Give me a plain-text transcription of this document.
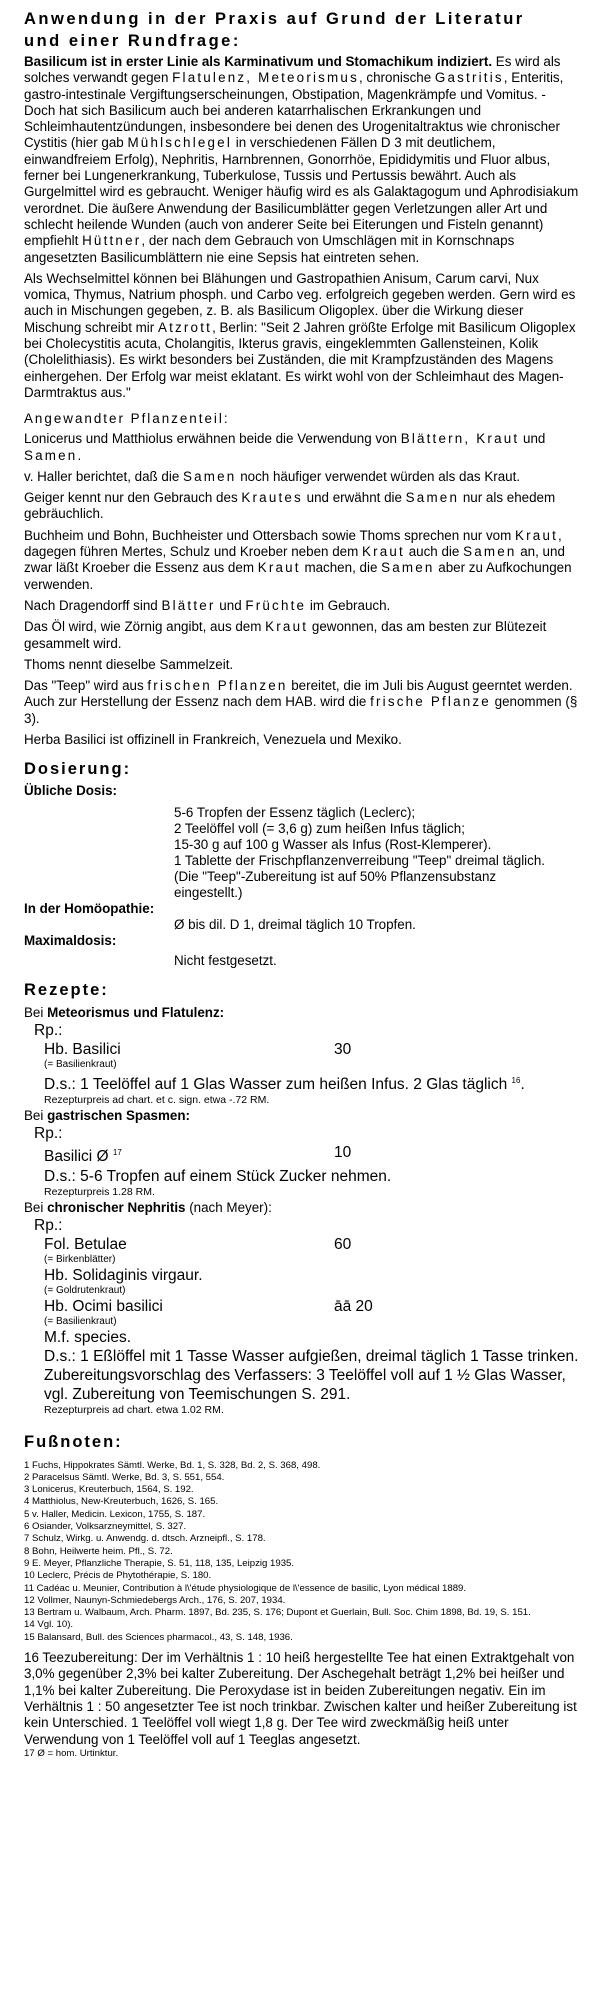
Anwendung in der Praxis auf Grund der Literatur
und einer Rundfrage:

Basilicum ist in erster Linie als Karminativum und Stomachikum indiziert. Es wird als solches verwandt gegen Flatulenz, Meteorismus, chronische Gastritis, Enteritis, gastro-intestinale Vergiftungserscheinungen, Obstipation, Magenkrämpfe und Vomitus. - Doch hat sich Basilicum auch bei anderen katarrhalischen Erkrankungen und Schleimhautentzündungen, insbesondere bei denen des Urogenitaltraktus wie chronischer Cystitis (hier gab Mühlschlegel in verschiedenen Fällen D 3 mit deutlichem, einwandfreiem Erfolg), Nephritis, Harnbrennen, Gonorrhöe, Epididymitis und Fluor albus, ferner bei Lungenerkrankung, Tuberkulose, Tussis und Pertussis bewährt. Auch als Gurgelmittel wird es gebraucht. Weniger häufig wird es als Galaktagogum und Aphrodisiakum verordnet. Die äußere Anwendung der Basilicumblätter gegen Verletzungen aller Art und schlecht heilende Wunden (auch von anderer Seite bei Eiterungen und Fisteln genannt) empfiehlt Hüttner, der nach dem Gebrauch von Umschlägen mit in Kornschnaps angesetzten Basilicumblättern nie eine Sepsis hat eintreten sehen.

Als Wechselmittel können bei Blähungen und Gastropathien Anisum, Carum carvi, Nux vomica, Thymus, Natrium phosph. und Carbo veg. erfolgreich gegeben werden. Gern wird es auch in Mischungen gegeben, z. B. als Basilicum Oligoplex. über die Wirkung dieser Mischung schreibt mir Atzrott, Berlin: "Seit 2 Jahren größte Erfolge mit Basilicum Oligoplex bei Cholecystitis acuta, Cholangitis, Ikterus gravis, eingeklemmten Gallensteinen, Kolik (Cholelithiasis). Es wirkt besonders bei Zuständen, die mit Krampfzuständen des Magens einhergehen. Der Erfolg war meist eklatant. Es wirkt wohl von der Schleimhaut des Magen-Darmtraktus aus."

Angewandter Pflanzenteil:

Lonicerus und Matthiolus erwähnen beide die Verwendung von Blättern, Kraut und Samen.

v. Haller berichtet, daß die Samen noch häufiger verwendet würden als das Kraut.

Geiger kennt nur den Gebrauch des Krautes und erwähnt die Samen nur als ehedem gebräuchlich.

Buchheim und Bohn, Buchheister und Ottersbach sowie Thoms sprechen nur vom Kraut, dagegen führen Mertes, Schulz und Kroeber neben dem Kraut auch die Samen an, und zwar läßt Kroeber die Essenz aus dem Kraut machen, die Samen aber zu Aufkochungen verwenden.

Nach Dragendorff sind Blätter und Früchte im Gebrauch.

Das Öl wird, wie Zörnig angibt, aus dem Kraut gewonnen, das am besten zur Blütezeit gesammelt wird.

Thoms nennt dieselbe Sammelzeit.

Das "Teep" wird aus frischen Pflanzen bereitet, die im Juli bis August geerntet werden. Auch zur Herstellung der Essenz nach dem HAB. wird die frische Pflanze genommen (§ 3).

Herba Basilici ist offizinell in Frankreich, Venezuela und Mexiko.

Dosierung:
Übliche Dosis:
5-6 Tropfen der Essenz täglich (Leclerc);
2 Teelöffel voll (= 3,6 g) zum heißen Infus täglich;
15-30 g auf 100 g Wasser als Infus (Rost-Klemperer).
1 Tablette der Frischpflanzenverreibung "Teep" dreimal täglich.
(Die "Teep"-Zubereitung ist auf 50% Pflanzensubstanz
eingestellt.)
In der Homöopathie:
Ø bis dil. D 1, dreimal täglich 10 Tropfen.
Maximaldosis:
Nicht festgesetzt.
Rezepte:
Bei Meteorismus und Flatulenz:
Rp.:
Hb. Basilici	30
(= Basilienkraut)
D.s.: 1 Teelöffel auf 1 Glas Wasser zum heißen Infus. 2 Glas täglich $^{16}$.
Rezepturpreis ad chart. et c. sign. etwa -.72 RM.
Bei gastrischen Spasmen:
Rp.:
Basilici Ø $^{17}$	10
D.s.: 5-6 Tropfen auf einem Stück Zucker nehmen.
Rezepturpreis 1.28 RM.
Bei chronischer Nephritis (nach Meyer):
Rp.:
Fol. Betulae	60
(= Birkenblätter)
Hb. Solidaginis virgaur.
(= Goldrutenkraut)
Hb. Ocimi basilici	āā 20
(= Basilienkraut)
M.f. species.
D.s.: 1 Eßlöffel mit 1 Tasse Wasser aufgießen, dreimal täglich 1 Tasse trinken.
Zubereitungsvorschlag des Verfassers: 3 Teelöffel voll auf 1 ½ Glas Wasser, vgl. Zubereitung von Teemischungen S. 291.
Rezepturpreis ad chart. etwa 1.02 RM.
Fußnoten:
1 Fuchs, Hippokrates Sämtl. Werke, Bd. 1, S. 328, Bd. 2, S. 368, 498.
2 Paracelsus Sämtl. Werke, Bd. 3, S. 551, 554.
3 Lonicerus, Kreuterbuch, 1564, S. 192.
4 Matthiolus, New-Kreuterbuch, 1626, S. 165.
5 v. Haller, Medicin. Lexicon, 1755, S. 187.
6 Osiander, Volksarzneymittel, S. 327.
7 Schulz, Wirkg. u. Anwendg. d. dtsch. Arzneipfl., S. 178.
8 Bohn, Heilwerte heim. Pfl., S. 72.
9 E. Meyer, Pflanzliche Therapie, S. 51, 118, 135, Leipzig 1935.
10 Leclerc, Précis de Phytothérapie, S. 180.
11 Cadéac u. Meunier, Contribution à l\'étude physiologique de l\'essence de basilic, Lyon médical 1889.
12 Vollmer, Naunyn-Schmiedebergs Arch., 176, S. 207, 1934.
13 Bertram u. Walbaum, Arch. Pharm. 1897, Bd. 235, S. 176; Dupont et Guerlain, Bull. Soc. Chim 1898, Bd. 19, S. 151.
14 Vgl. 10).
15 Balansard, Bull. des Sciences pharmacol., 43, S. 148, 1936.

16 Teezubereitung: Der im Verhältnis 1 : 10 heiß hergestellte Tee hat einen Extraktgehalt von 3,0% gegenüber 2,3% bei kalter Zubereitung. Der Aschegehalt beträgt 1,2% bei heißer und 1,1% bei kalter Zubereitung. Die Peroxydase ist in beiden Zubereitungen negativ. Ein im Verhältnis 1 : 50 angesetzter Tee ist noch trinkbar. Zwischen kalter und heißer Zubereitung ist kein Unterschied. 1 Teelöffel voll wiegt 1,8 g. Der Tee wird zweckmäßig heiß unter Verwendung von 1 Teelöffel voll auf 1 Teeglas angesetzt.

17 Ø = hom. Urtinktur.
